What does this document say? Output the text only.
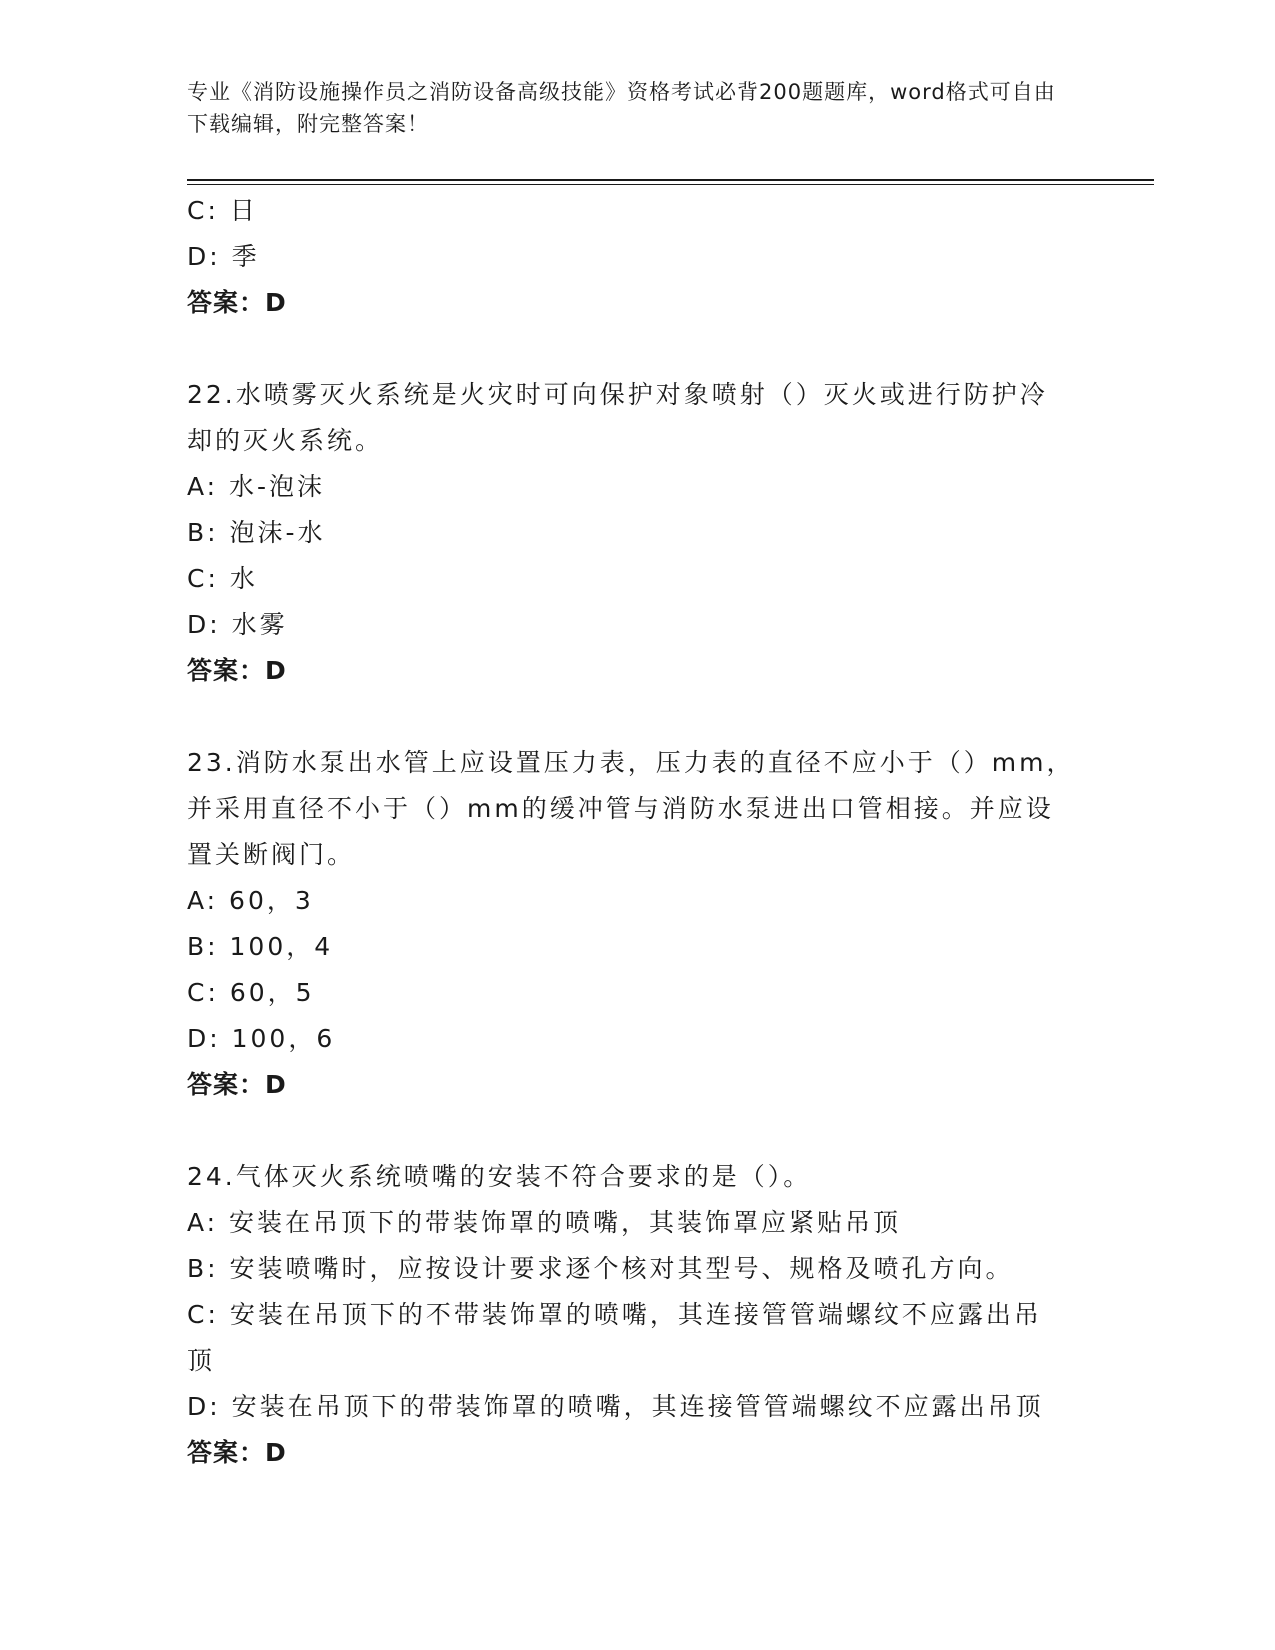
专业《消防设施操作员之消防设备高级技能》资格考试必背200题题库，word格式可自由下载编辑，附完整答案！
C: 日
D: 季
答案：D
22.水喷雾灭火系统是火灾时可向保护对象喷射（）灭火或进行防护冷
却的灭火系统。
A: 水-泡沫
B: 泡沫-水
C: 水
D: 水雾
答案：D
23.消防水泵出水管上应设置压力表，压力表的直径不应小于（）mm，
并采用直径不小于（）mm的缓冲管与消防水泵进出口管相接。并应设
置关断阀门。
A: 60，3
B: 100，4
C: 60，5
D: 100，6
答案：D
24.气体灭火系统喷嘴的安装不符合要求的是（）。
A: 安装在吊顶下的带装饰罩的喷嘴，其装饰罩应紧贴吊顶
B: 安装喷嘴时，应按设计要求逐个核对其型号、规格及喷孔方向。
C: 安装在吊顶下的不带装饰罩的喷嘴，其连接管管端螺纹不应露出吊
顶
D: 安装在吊顶下的带装饰罩的喷嘴，其连接管管端螺纹不应露出吊顶
答案：D
